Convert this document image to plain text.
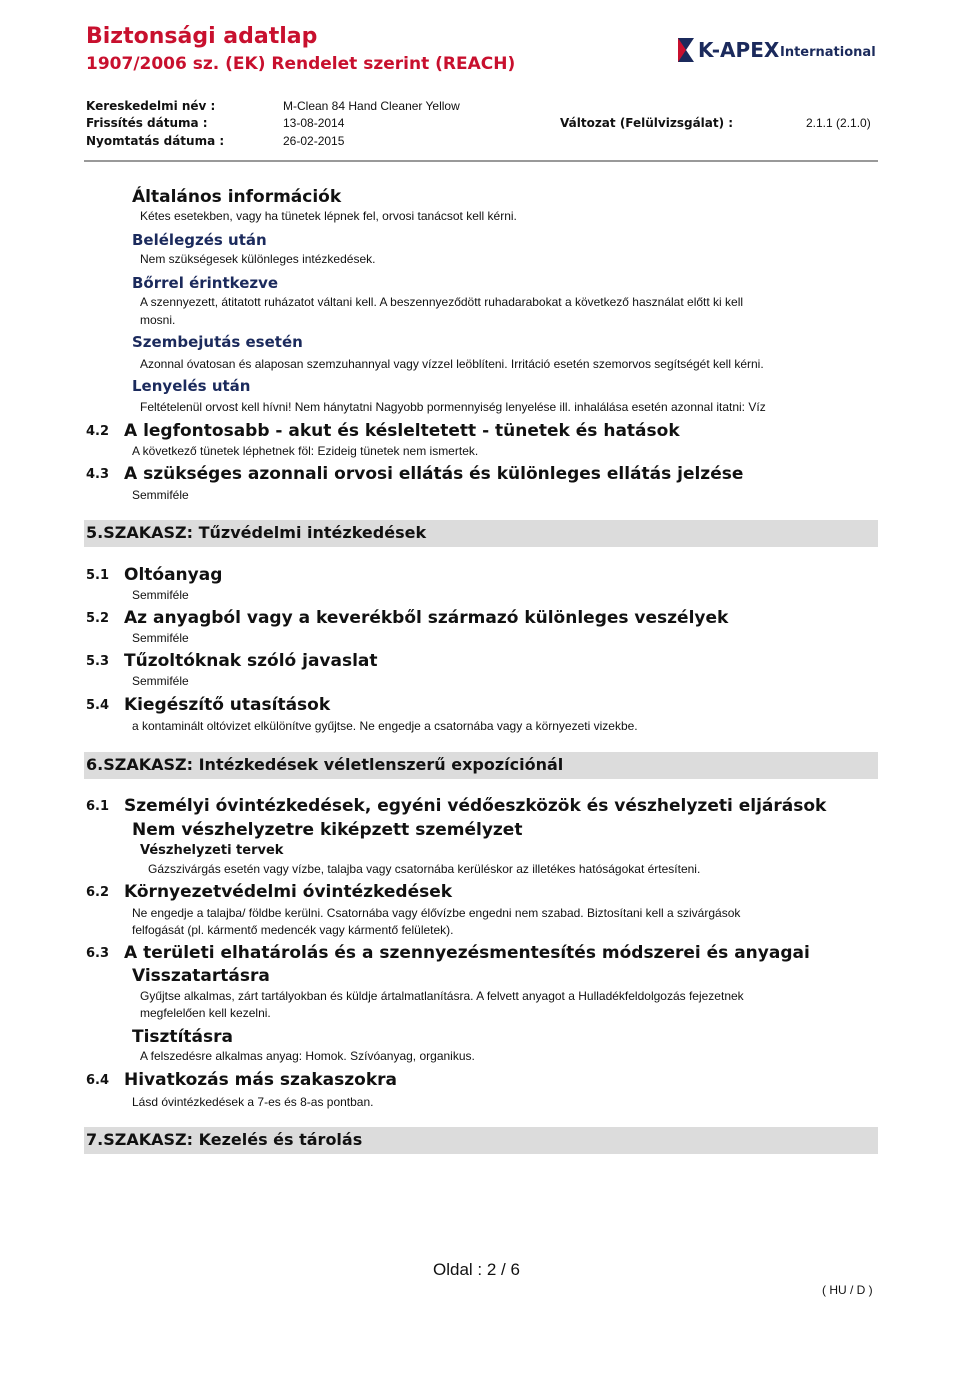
Biztonsági adatlap
1907/2006 sz. (EK) Rendelet szerint (REACH)
K-APEX International
Kereskedelmi név :	M-Clean 84 Hand Cleaner Yellow
Frissítés dátuma :	13-08-2014	Változat (Felülvizsgálat) :	2.1.1 (2.1.0)
Nyomtatás dátuma :	26-02-2015
Általános információk
Kétes esetekben, vagy ha tünetek lépnek fel, orvosi tanácsot kell kérni.
Belélegzés után
Nem szükségesek különleges intézkedések.
Bőrrel érintkezve
A szennyezett, átitatott ruházatot váltani kell. A beszennyeződött ruhadarabokat a következő használat előtt ki kell
mosni.
Szembejutás esetén
Azonnal óvatosan és alaposan szemzuhannyal vagy vízzel leöblíteni. Irritáció esetén szemorvos segítségét kell kérni.
Lenyelés után
Feltételenül orvost kell hívni! Nem hánytatni Nagyobb pormennyiség lenyelése ill. inhalálása esetén azonnal itatni: Víz
4.2 A legfontosabb - akut és késleltetett - tünetek és hatások
A következő tünetek léphetnek föl: Ezideig tünetek nem ismertek.
4.3 A szükséges azonnali orvosi ellátás és különleges ellátás jelzése
Semmiféle
5.SZAKASZ: Tűzvédelmi intézkedések
5.1 Oltóanyag
Semmiféle
5.2 Az anyagból vagy a keverékből származó különleges veszélyek
Semmiféle
5.3 Tűzoltóknak szóló javaslat
Semmiféle
5.4 Kiegészítő utasítások
a kontaminált oltóvizet elkülönítve gyűjtse. Ne engedje a csatornába vagy a környezeti vizekbe.
6.SZAKASZ: Intézkedések véletlenszerű expozíciónál
6.1 Személyi óvintézkedések, egyéni védőeszközök és vészhelyzeti eljárások
Nem vészhelyzetre kiképzett személyzet
Vészhelyzeti tervek
Gázszivárgás esetén vagy vízbe, talajba vagy csatornába kerüléskor az illetékes hatóságokat értesíteni.
6.2 Környezetvédelmi óvintézkedések
Ne engedje a talajba/ földbe kerülni. Csatornába vagy élővízbe engedni nem szabad. Biztosítani kell a szivárgások
felfogását (pl. kármentő medencék vagy kármentő felületek).
6.3 A területi elhatárolás és a szennyezésmentesítés módszerei és anyagai
Visszatartásra
Gyűjtse alkalmas, zárt tartályokban és küldje ártalmatlanításra. A felvett anyagot a Hulladékfeldolgozás fejezetnek
megfelelően kell kezelni.
Tisztításra
A felszedésre alkalmas anyag: Homok. Szívóanyag, organikus.
6.4 Hivatkozás más szakaszokra
Lásd óvintézkedések a 7-es és 8-as pontban.
7.SZAKASZ: Kezelés és tárolás
Oldal : 2 / 6
( HU / D )
